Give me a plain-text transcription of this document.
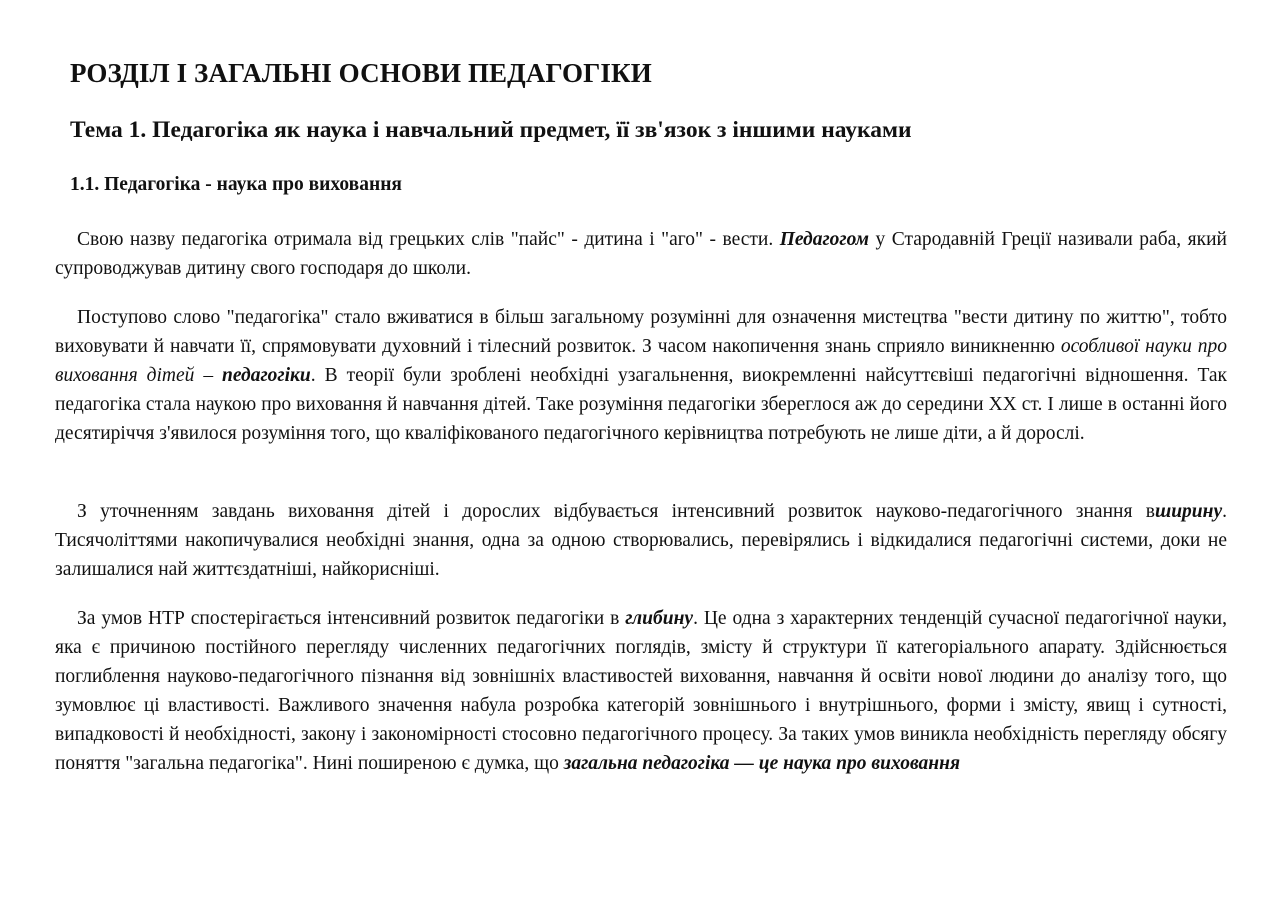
РОЗДІЛ І ЗАГАЛЬНІ ОСНОВИ ПЕДАГОГІКИ
Тема 1. Педагогіка як наука і навчальний предмет, її зв'язок з іншими науками
1.1. Педагогіка - наука про виховання

Свою назву педагогіка отримала від грецьких слів "пайс" - дитина і "аго" - вести. Педагогом у Стародавній Греції називали раба, який супроводжував дитину свого господаря до школи.

Поступово слово "педагогіка" стало вживатися в більш загальному розумінні для означення мистецтва "вести дитину по життю", тобто виховувати й навчати її, спрямовувати духовний і тілесний розвиток. З часом накопичення знань сприяло виникненню особливої науки про виховання дітей – педагогіки. В теорії були зроблені необхідні узагальнення, виокремленні найсуттєвіші педагогічні відношення. Так педагогіка стала наукою про виховання й навчання дітей. Таке розуміння педагогіки збереглося аж до середини XX ст. І лише в останні його десятиріччя з'явилося розуміння того, що кваліфікованого педагогічного керівництва потребують не лише діти, а й дорослі.

З уточненням завдань виховання дітей і дорослих відбувається інтенсивний розвиток науково-педагогічного знання вширину. Тисячоліттями накопичувалися необхідні знання, одна за одною створювались, перевірялись і відкидалися педагогічні системи, доки не залишалися най життєздатніші, найкорисніші.

За умов НТР спостерігається інтенсивний розвиток педагогіки в глибину. Це одна з характерних тенденцій сучасної педагогічної науки, яка є причиною постійного перегляду численних педагогічних поглядів, змісту й структури її категоріального апарату. Здійснюється поглиблення науково-педагогічного пізнання від зовнішніх властивостей виховання, навчання й освіти нової людини до аналізу того, що зумовлює ці властивості. Важливого значення набула розробка категорій зовнішнього і внутрішнього, форми і змісту, явищ і сутності, випадковості й необхідності, закону і закономірності стосовно педагогічного процесу. За таких умов виникла необхідність перегляду обсягу поняття "загальна педагогіка". Нині поширеною є думка, що загальна педагогіка — це наука про виховання
